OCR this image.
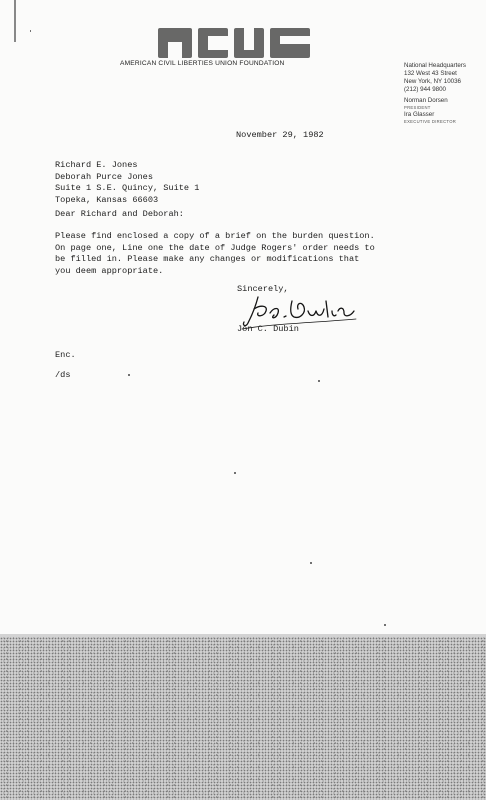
AMERICAN CIVIL LIBERTIES UNION FOUNDATION	National Headquarters
132 West 43 Street
New York, NY 10036
(212) 944 9800
Norman Dorsen
PRESIDENT
Ira Glasser
EXECUTIVE DIRECTOR
November 29, 1982
Richard E. Jones
Deborah Purce Jones
Suite 1 S.E. Quincy, Suite 1
Topeka, Kansas 66603
Dear Richard and Deborah:
Please find enclosed a copy of a brief on the burden question.
On page one, Line one the date of Judge Rogers' order needs to
be filled in. Please make any changes or modifications that
you deem appropriate.
Sincerely,
Jon C. Dubin
Enc.
/ds
